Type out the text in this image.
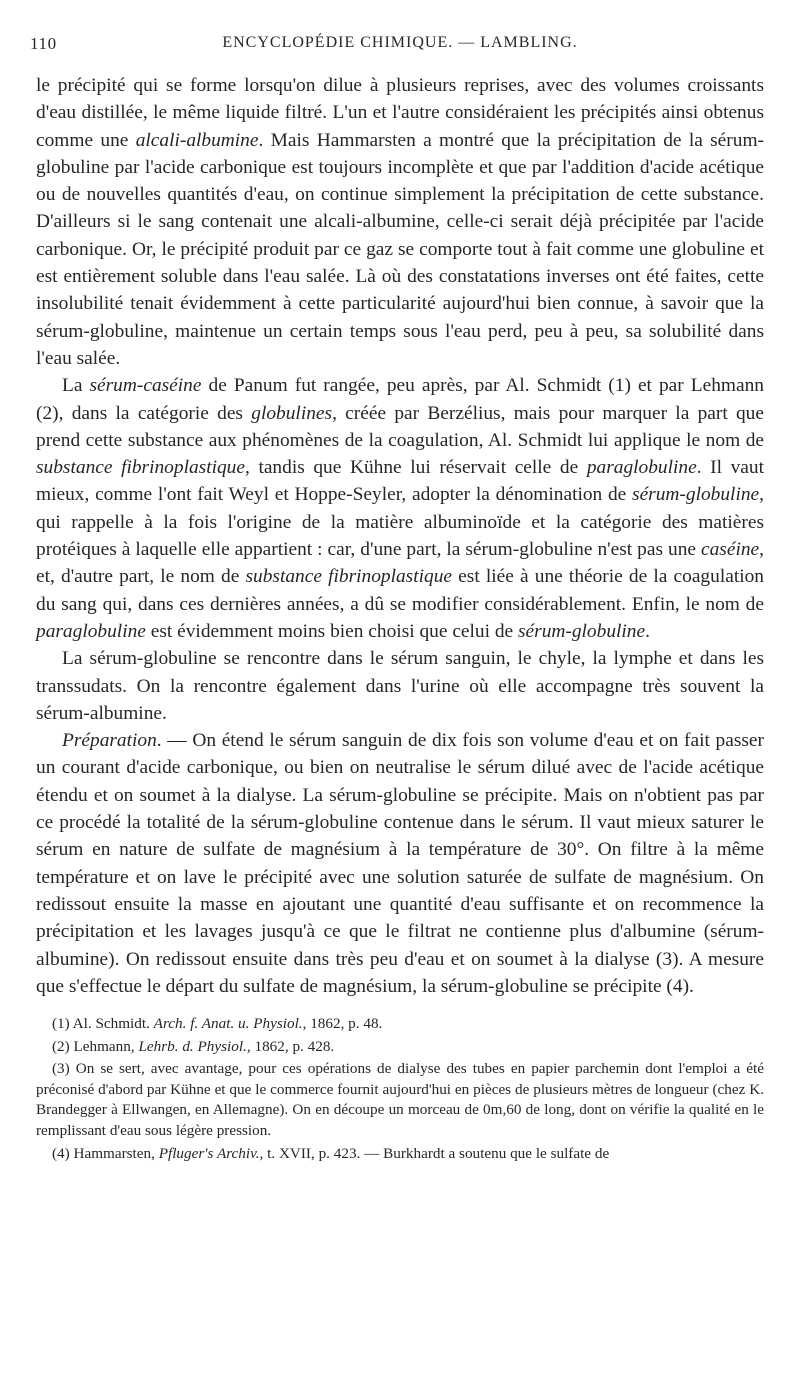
110	ENCYCLOPÉDIE CHIMIQUE. — LAMBLING.

le précipité qui se forme lorsqu'on dilue à plusieurs reprises, avec des volumes croissants d'eau distillée, le même liquide filtré. L'un et l'autre considéraient les précipités ainsi obtenus comme une alcali-albumine. Mais Hammarsten a montré que la précipitation de la sérum-globuline par l'acide carbonique est toujours incomplète et que par l'addition d'acide acétique ou de nouvelles quantités d'eau, on continue simplement la précipitation de cette substance. D'ailleurs si le sang contenait une alcali-albumine, celle-ci serait déjà précipitée par l'acide carbonique. Or, le précipité produit par ce gaz se comporte tout à fait comme une globuline et est entièrement soluble dans l'eau salée. Là où des constatations inverses ont été faites, cette insolubilité tenait évidemment à cette particularité aujourd'hui bien connue, à savoir que la sérum-globuline, maintenue un certain temps sous l'eau perd, peu à peu, sa solubilité dans l'eau salée.

La sérum-caséine de Panum fut rangée, peu après, par Al. Schmidt (1) et par Lehmann (2), dans la catégorie des globulines, créée par Berzélius, mais pour marquer la part que prend cette substance aux phénomènes de la coagulation, Al. Schmidt lui applique le nom de substance fibrinoplastique, tandis que Kühne lui réservait celle de paraglobuline. Il vaut mieux, comme l'ont fait Weyl et Hoppe-Seyler, adopter la dénomination de sérum-globuline, qui rappelle à la fois l'origine de la matière albuminoïde et la catégorie des matières protéiques à laquelle elle appartient : car, d'une part, la sérum-globuline n'est pas une caséine, et, d'autre part, le nom de substance fibrinoplastique est liée à une théorie de la coagulation du sang qui, dans ces dernières années, a dû se modifier considérablement. Enfin, le nom de paraglobuline est évidemment moins bien choisi que celui de sérum-globuline.

La sérum-globuline se rencontre dans le sérum sanguin, le chyle, la lymphe et dans les transsudats. On la rencontre également dans l'urine où elle accompagne très souvent la sérum-albumine.

Préparation. — On étend le sérum sanguin de dix fois son volume d'eau et on fait passer un courant d'acide carbonique, ou bien on neutralise le sérum dilué avec de l'acide acétique étendu et on soumet à la dialyse. La sérum-globuline se précipite. Mais on n'obtient pas par ce procédé la totalité de la sérum-globuline contenue dans le sérum. Il vaut mieux saturer le sérum en nature de sulfate de magnésium à la température de 30°. On filtre à la même température et on lave le précipité avec une solution saturée de sulfate de magnésium. On redissout ensuite la masse en ajoutant une quantité d'eau suffisante et on recommence la précipitation et les lavages jusqu'à ce que le filtrat ne contienne plus d'albumine (sérum-albumine). On redissout ensuite dans très peu d'eau et on soumet à la dialyse (3). A mesure que s'effectue le départ du sulfate de magnésium, la sérum-globuline se précipite (4).

(1) Al. Schmidt. Arch. f. Anat. u. Physiol., 1862, p. 48.

(2) Lehmann, Lehrb. d. Physiol., 1862, p. 428.

(3) On se sert, avec avantage, pour ces opérations de dialyse des tubes en papier parchemin dont l'emploi a été préconisé d'abord par Kühne et que le commerce fournit aujourd'hui en pièces de plusieurs mètres de longueur (chez K. Brandegger à Ellwangen, en Allemagne). On en découpe un morceau de 0m,60 de long, dont on vérifie la qualité en le remplissant d'eau sous légère pression.

(4) Hammarsten, Pfluger's Archiv., t. XVII, p. 423. — Burkhardt a soutenu que le sulfate de
